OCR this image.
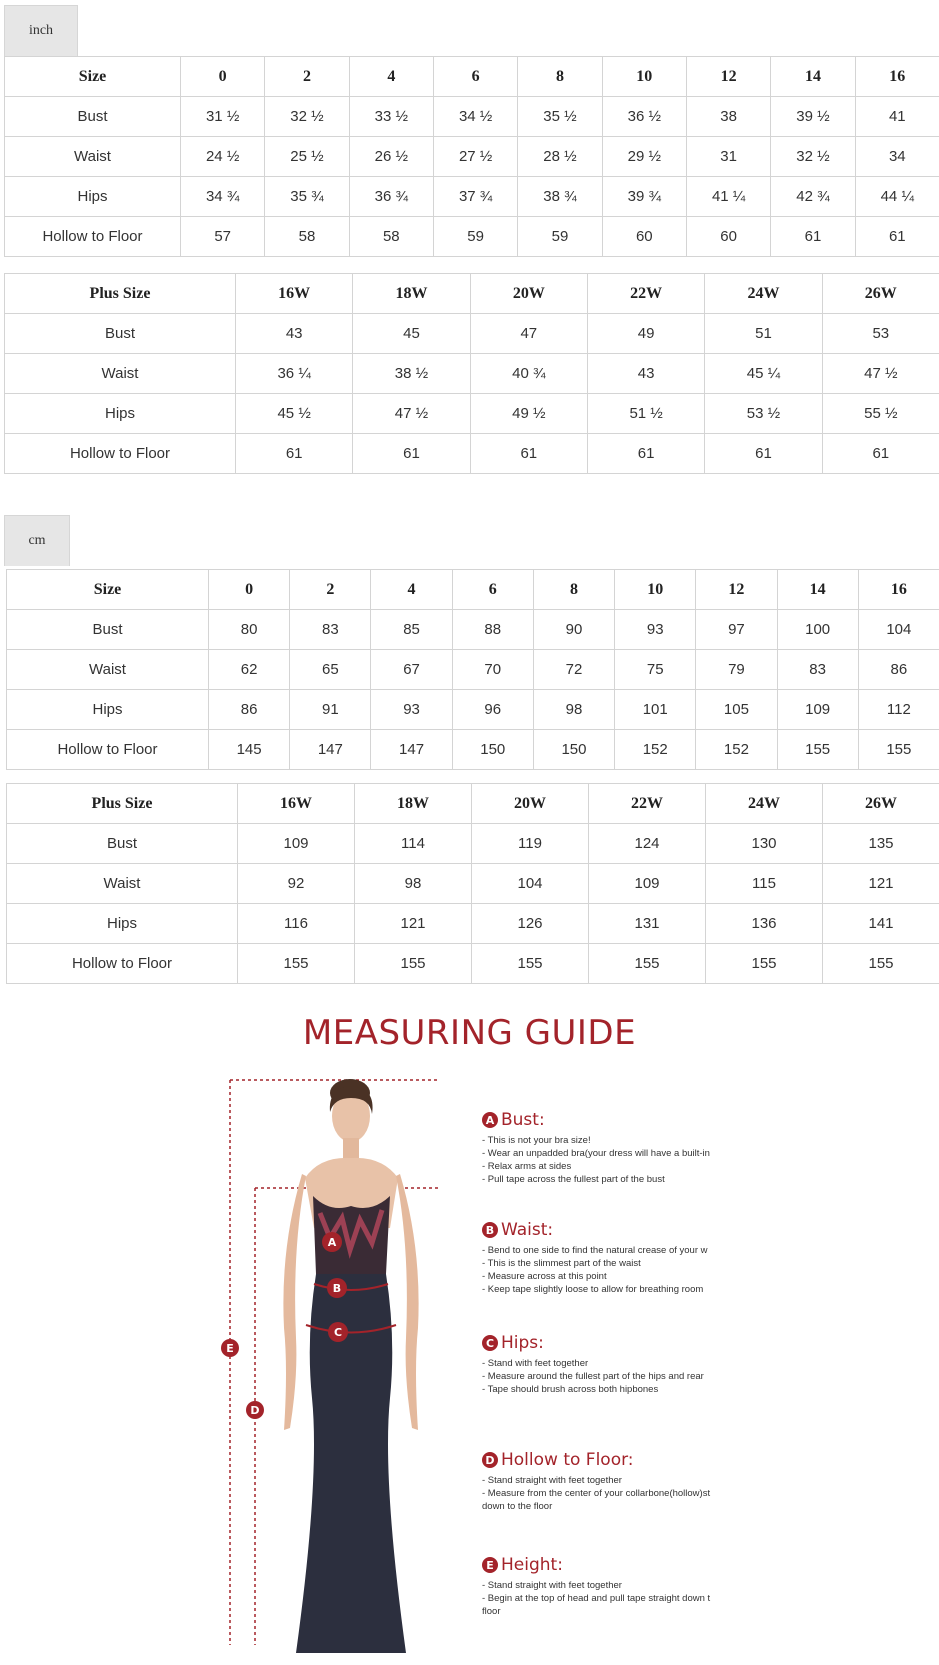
inch
Size	0	2	4	6	8	10	12	14	16
Bust	31 ½	32 ½	33 ½	34 ½	35 ½	36 ½	38	39 ½	41
Waist	24 ½	25 ½	26 ½	27 ½	28 ½	29 ½	31	32 ½	34
Hips	34 ¾	35 ¾	36 ¾	37 ¾	38 ¾	39 ¾	41 ¼	42 ¾	44 ¼
Hollow to Floor	57	58	58	59	59	60	60	61	61
Plus Size	16W	18W	20W	22W	24W	26W
Bust	43	45	47	49	51	53
Waist	36 ¼	38 ½	40 ¾	43	45 ¼	47 ½
Hips	45 ½	47 ½	49 ½	51 ½	53 ½	55 ½
Hollow to Floor	61	61	61	61	61	61
cm
Size	0	2	4	6	8	10	12	14	16
Bust	80	83	85	88	90	93	97	100	104
Waist	62	65	67	70	72	75	79	83	86
Hips	86	91	93	96	98	101	105	109	112
Hollow to Floor	145	147	147	150	150	152	152	155	155
Plus Size	16W	18W	20W	22W	24W	26W
Bust	109	114	119	124	130	135
Waist	92	98	104	109	115	121
Hips	116	121	126	131	136	141
Hollow to Floor	155	155	155	155	155	155
MEASURING GUIDE
A
B
C
D
E
A Bust:
- This is not your bra size!
- Wear an unpadded bra(your dress will have a built-in
- Relax arms at sides
- Pull tape across the fullest part of the bust
B Waist:
- Bend to one side to find the natural crease of your w
- This is the slimmest part of the waist
- Measure across at this point
- Keep tape slightly loose to allow for breathing room
C Hips:
- Stand with feet together
- Measure around the fullest part of the hips and rear
- Tape should brush across both hipbones
D Hollow to Floor:
- Stand straight with feet together
- Measure from the center of your collarbone(hollow)st
down to the floor
E Height:
- Stand straight with feet together
- Begin at the top of head and pull tape straight down t
floor
